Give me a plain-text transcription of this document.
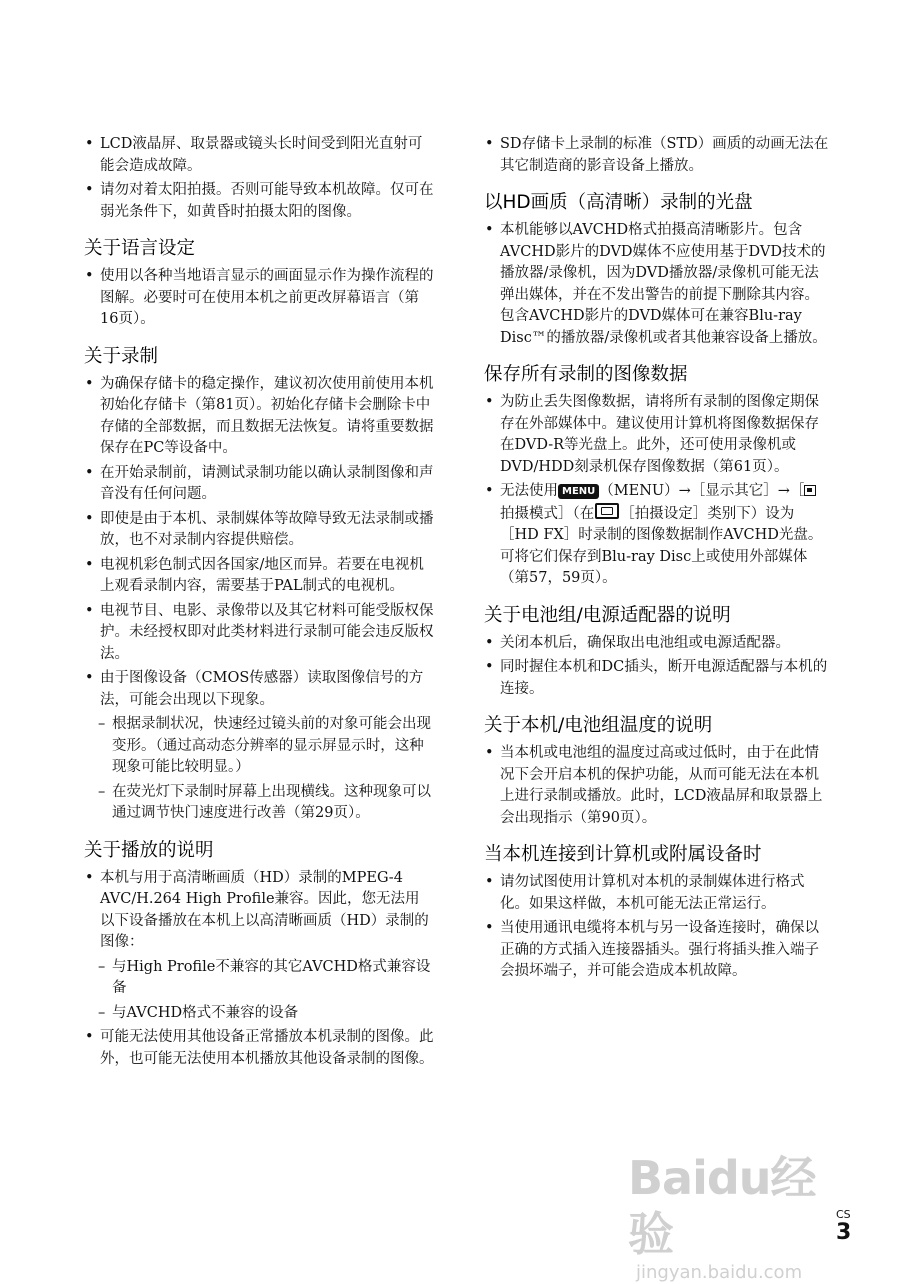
• LCD液晶屏、取景器或镜头长时间受到阳光直射可能会造成故障。
• 请勿对着太阳拍摄。否则可能导致本机故障。仅可在弱光条件下，如黄昏时拍摄太阳的图像。
关于语言设定
• 使用以各种当地语言显示的画面显示作为操作流程的图解。必要时可在使用本机之前更改屏幕语言（第16页）。
关于录制
• 为确保存储卡的稳定操作，建议初次使用前使用本机初始化存储卡（第81页）。初始化存储卡会删除卡中存储的全部数据，而且数据无法恢复。请将重要数据保存在PC等设备中。
• 在开始录制前，请测试录制功能以确认录制图像和声音没有任何问题。
• 即使是由于本机、录制媒体等故障导致无法录制或播放，也不对录制内容提供赔偿。
• 电视机彩色制式因各国家/地区而异。若要在电视机上观看录制内容，需要基于PAL制式的电视机。
• 电视节目、电影、录像带以及其它材料可能受版权保护。未经授权即对此类材料进行录制可能会违反版权法。
• 由于图像设备（CMOS传感器）读取图像信号的方法，可能会出现以下现象。
– 根据录制状况，快速经过镜头前的对象可能会出现变形。（通过高动态分辨率的显示屏显示时，这种现象可能比较明显。）
– 在荧光灯下录制时屏幕上出现横线。这种现象可以通过调节快门速度进行改善（第29页）。
关于播放的说明
• 本机与用于高清晰画质（HD）录制的MPEG-4 AVC/H.264 High Profile兼容。因此，您无法用以下设备播放在本机上以高清晰画质（HD）录制的图像：
– 与High Profile不兼容的其它AVCHD格式兼容设备
– 与AVCHD格式不兼容的设备
• 可能无法使用其他设备正常播放本机录制的图像。此外，也可能无法使用本机播放其他设备录制的图像。
• SD存储卡上录制的标准（STD）画质的动画无法在其它制造商的影音设备上播放。
以HD画质（高清晰）录制的光盘
• 本机能够以AVCHD格式拍摄高清晰影片。包含AVCHD影片的DVD媒体不应使用基于DVD技术的播放器/录像机，因为DVD播放器/录像机可能无法弹出媒体，并在不发出警告的前提下删除其内容。包含AVCHD影片的DVD媒体可在兼容Blu-ray Disc™的播放器/录像机或者其他兼容设备上播放。
保存所有录制的图像数据
• 为防止丢失图像数据，请将所有录制的图像定期保存在外部媒体中。建议使用计算机将图像数据保存在DVD-R等光盘上。此外，还可使用录像机或DVD/HDD刻录机保存图像数据（第61页）。
• 无法使用 MENU （MENU）→［显示其它］→［拍摄模式］（在 ［拍摄设定］类别下）设为［HD FX］时录制的图像数据制作AVCHD光盘。可将它们保存到Blu-ray Disc上或使用外部媒体（第57，59页）。
关于电池组/电源适配器的说明
• 关闭本机后，确保取出电池组或电源适配器。
• 同时握住本机和DC插头，断开电源适配器与本机的连接。
关于本机/电池组温度的说明
• 当本机或电池组的温度过高或过低时，由于在此情况下会开启本机的保护功能，从而可能无法在本机上进行录制或播放。此时，LCD液晶屏和取景器上会出现指示（第90页）。
当本机连接到计算机或附属设备时
• 请勿试图使用计算机对本机的录制媒体进行格式化。如果这样做，本机可能无法正常运行。
• 当使用通讯电缆将本机与另一设备连接时，确保以正确的方式插入连接器插头。强行将插头推入端子会损坏端子，并可能会造成本机故障。
Baidu经验
jingyan.baidu.com
CS
3
